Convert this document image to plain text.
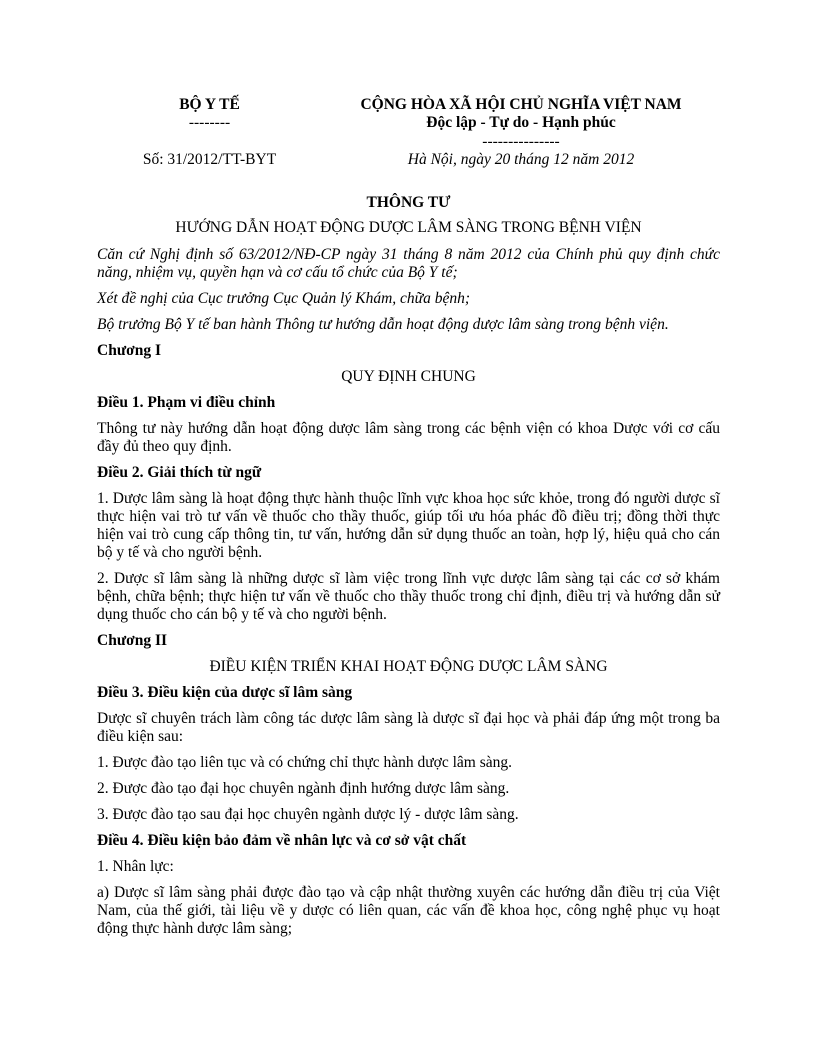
BỘ Y TẾ
--------
Số: 31/2012/TT-BYT
CỘNG HÒA XÃ HỘI CHỦ NGHĨA VIỆT NAM
Độc lập - Tự do - Hạnh phúc
---------------
Hà Nội, ngày 20 tháng 12 năm 2012
THÔNG TƯ
HƯỚNG DẪN HOẠT ĐỘNG DƯỢC LÂM SÀNG TRONG BỆNH VIỆN

Căn cứ Nghị định số 63/2012/NĐ-CP ngày 31 tháng 8 năm 2012 của Chính phủ quy định chức năng, nhiệm vụ, quyền hạn và cơ cấu tổ chức của Bộ Y tế;

Xét đề nghị của Cục trưởng Cục Quản lý Khám, chữa bệnh;

Bộ trưởng Bộ Y tế ban hành Thông tư hướng dẫn hoạt động dược lâm sàng trong bệnh viện.

Chương I

QUY ĐỊNH CHUNG

Điều 1. Phạm vi điều chỉnh

Thông tư này hướng dẫn hoạt động dược lâm sàng trong các bệnh viện có khoa Dược với cơ cấu đầy đủ theo quy định.

Điều 2. Giải thích từ ngữ

1. Dược lâm sàng là hoạt động thực hành thuộc lĩnh vực khoa học sức khỏe, trong đó người dược sĩ thực hiện vai trò tư vấn về thuốc cho thầy thuốc, giúp tối ưu hóa phác đồ điều trị; đồng thời thực hiện vai trò cung cấp thông tin, tư vấn, hướng dẫn sử dụng thuốc an toàn, hợp lý, hiệu quả cho cán bộ y tế và cho người bệnh.

2. Dược sĩ lâm sàng là những dược sĩ làm việc trong lĩnh vực dược lâm sàng tại các cơ sở khám bệnh, chữa bệnh; thực hiện tư vấn về thuốc cho thầy thuốc trong chỉ định, điều trị và hướng dẫn sử dụng thuốc cho cán bộ y tế và cho người bệnh.

Chương II

ĐIỀU KIỆN TRIỂN KHAI HOẠT ĐỘNG DƯỢC LÂM SÀNG

Điều 3. Điều kiện của dược sĩ lâm sàng

Dược sĩ chuyên trách làm công tác dược lâm sàng là dược sĩ đại học và phải đáp ứng một trong ba điều kiện sau:

1. Được đào tạo liên tục và có chứng chỉ thực hành dược lâm sàng.

2. Được đào tạo đại học chuyên ngành định hướng dược lâm sàng.

3. Được đào tạo sau đại học chuyên ngành dược lý - dược lâm sàng.

Điều 4. Điều kiện bảo đảm về nhân lực và cơ sở vật chất

1. Nhân lực:

a) Dược sĩ lâm sàng phải được đào tạo và cập nhật thường xuyên các hướng dẫn điều trị của Việt Nam, của thế giới, tài liệu về y dược có liên quan, các vấn đề khoa học, công nghệ phục vụ hoạt động thực hành dược lâm sàng;
